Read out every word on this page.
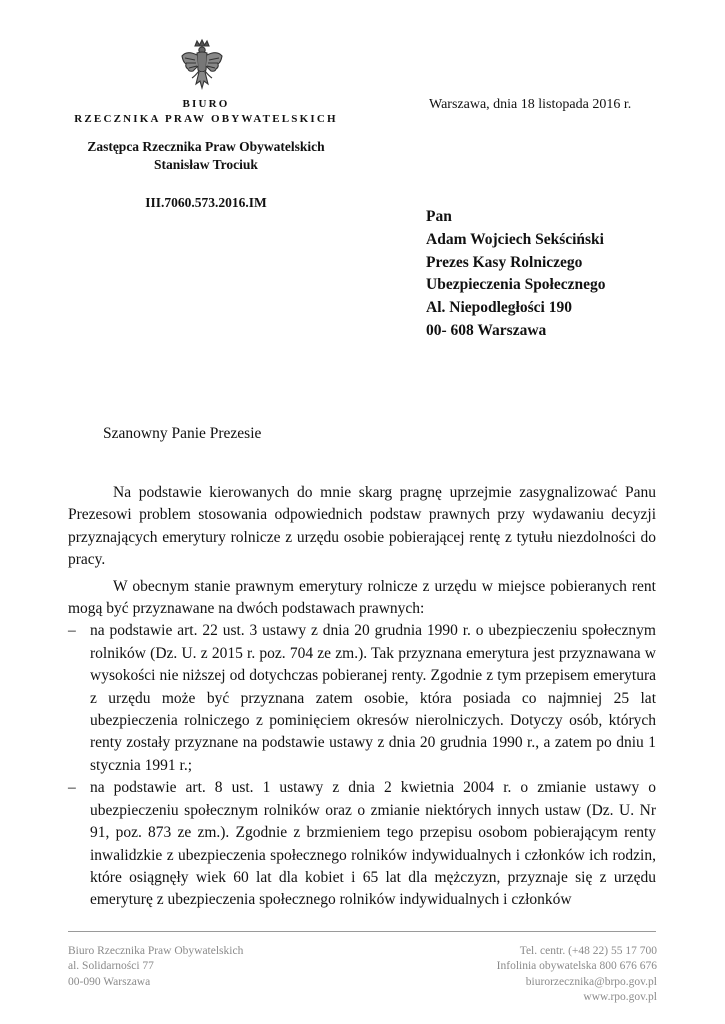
BIURO
RZECZNIKA PRAW OBYWATELSKICH
Zastępca Rzecznika Praw Obywatelskich
Stanisław Trociuk
III.7060.573.2016.IM
Warszawa, dnia 18 listopada 2016 r.
Pan
Adam Wojciech Sekściński
Prezes Kasy Rolniczego
Ubezpieczenia Społecznego
Al. Niepodległości 190
00- 608 Warszawa
Szanowny Panie Prezesie

Na podstawie kierowanych do mnie skarg pragnę uprzejmie zasygnalizować Panu Prezesowi problem stosowania odpowiednich podstaw prawnych przy wydawaniu decyzji przyznających emerytury rolnicze z urzędu osobie pobierającej rentę z tytułu niezdolności do pracy.

W obecnym stanie prawnym emerytury rolnicze z urzędu w miejsce pobieranych rent mogą być przyznawane na dwóch podstawach prawnych:

– na podstawie art. 22 ust. 3 ustawy z dnia 20 grudnia 1990 r. o ubezpieczeniu społecznym rolników (Dz. U. z 2015 r. poz. 704 ze zm.). Tak przyznana emerytura jest przyznawana w wysokości nie niższej od dotychczas pobieranej renty. Zgodnie z tym przepisem emerytura z urzędu może być przyznana zatem osobie, która posiada co najmniej 25 lat ubezpieczenia rolniczego z pominięciem okresów nierolniczych. Dotyczy osób, których renty zostały przyznane na podstawie ustawy z dnia 20 grudnia 1990 r., a zatem po dniu 1 stycznia 1991 r.;
– na podstawie art. 8 ust. 1 ustawy z dnia 2 kwietnia 2004 r. o zmianie ustawy o ubezpieczeniu społecznym rolników oraz o zmianie niektórych innych ustaw (Dz. U. Nr 91, poz. 873 ze zm.). Zgodnie z brzmieniem tego przepisu osobom pobierającym renty inwalidzkie z ubezpieczenia społecznego rolników indywidualnych i członków ich rodzin, które osiągnęły wiek 60 lat dla kobiet i 65 lat dla mężczyzn, przyznaje się z urzędu emeryturę z ubezpieczenia społecznego rolników indywidualnych i członków
Biuro Rzecznika Praw Obywatelskich
al. Solidarności 77
00-090 Warszawa
Tel. centr. (+48 22) 55 17 700
Infolinia obywatelska 800 676 676
biurorzecznika@brpo.gov.pl
www.rpo.gov.pl
